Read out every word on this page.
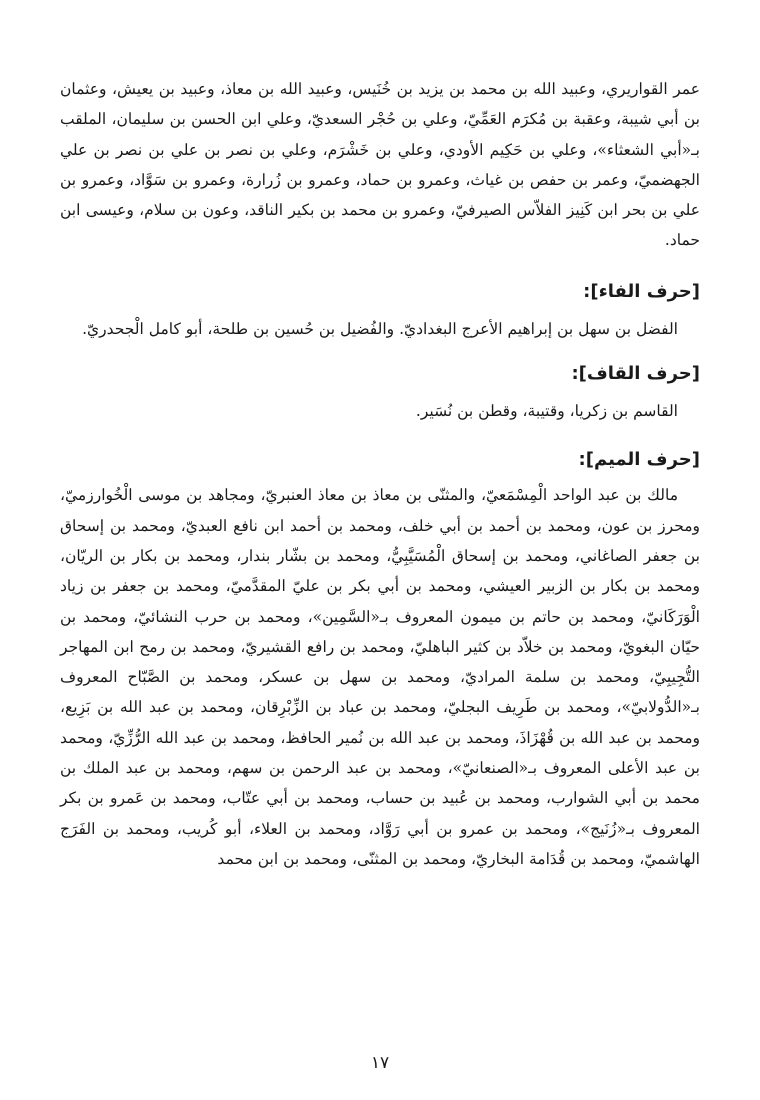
عمر القواريري، وعبيد الله بن محمد بن يزيد بن خُنَيس، وعبيد الله بن معاذ، وعبيد بن يعيش، وعثمان بن أبي شيبة، وعقبة بن مُكرَم العَمِّيّ، وعلي بن حُجْر السعديّ، وعلي ابن الحسن بن سليمان، الملقب بـ«أبي الشعثاء»، وعلي بن حَكِيم الأودي، وعلي بن خَشْرَم، وعلي بن نصر بن علي بن نصر بن علي الجهضميّ، وعمر بن حفص بن غياث، وعمرو بن حماد، وعمرو بن زُرارة، وعمرو بن سَوَّاد، وعمرو بن علي بن بحر ابن كَنِيز الفلاّس الصيرفيّ، وعمرو بن محمد بن بكير الناقد، وعون بن سلام، وعيسى ابن حماد.

[حرف الفاء]:

الفضل بن سهل بن إبراهيم الأعرج البغداديّ. والفُضيل بن حُسين بن طلحة، أبو كامل الْجحدريّ.

[حرف القاف]:

القاسم بن زكريا، وقتيبة، وقطن بن نُسَير.

[حرف الميم]:

مالك بن عبد الواحد الْمِسْمَعيّ، والمثنّى بن معاذ بن معاذ العنبريّ، ومجاهد بن موسى الْخُوارزميّ، ومحرز بن عون، ومحمد بن أحمد بن أبي خلف، ومحمد بن أحمد ابن نافع العبديّ، ومحمد بن إسحاق بن جعفر الصاغاني، ومحمد بن إسحاق الْمُسَيَّبِيُّ، ومحمد بن بشّار بندار، ومحمد بن بكار بن الريّان، ومحمد بن بكار بن الزبير العيشي، ومحمد بن أبي بكر بن عليّ المقدَّميّ، ومحمد بن جعفر بن زياد الْوَرَكَانيّ، ومحمد بن حاتم بن ميمون المعروف بـ«السَّمِين»، ومحمد بن حرب النشائيّ، ومحمد بن حيّان البغويّ، ومحمد بن خلاّد بن كثير الباهليّ، ومحمد بن رافع القشيريّ، ومحمد بن رمح ابن المهاجر التُّجِيبِيّ، ومحمد بن سلمة المراديّ، ومحمد بن سهل بن عسكر، ومحمد بن الصَّبّاح المعروف بـ«الدُّولابيّ»، ومحمد بن طَرِيف البجليّ، ومحمد بن عباد بن الزِّبْرِقان، ومحمد بن عبد الله بن بَزِيع، ومحمد بن عبد الله بن قُهْزَاذَ، ومحمد بن عبد الله بن نُمير الحافظ، ومحمد بن عبد الله الرُّزِّيّ، ومحمد بن عبد الأعلى المعروف بـ«الصنعانيّ»، ومحمد بن عبد الرحمن بن سهم، ومحمد بن عبد الملك بن محمد بن أبي الشوارب، ومحمد بن عُبيد بن حساب، ومحمد بن أبي عتّاب، ومحمد بن عَمرو بن بكر المعروف بـ«زُنَيج»، ومحمد بن عمرو بن أبي رَوَّاد، ومحمد بن العلاء، أبو كُريب، ومحمد بن الفَرَج الهاشميّ، ومحمد بن قُدَامة البخاريّ، ومحمد بن المثنّى، ومحمد بن ابن محمد

١٧
